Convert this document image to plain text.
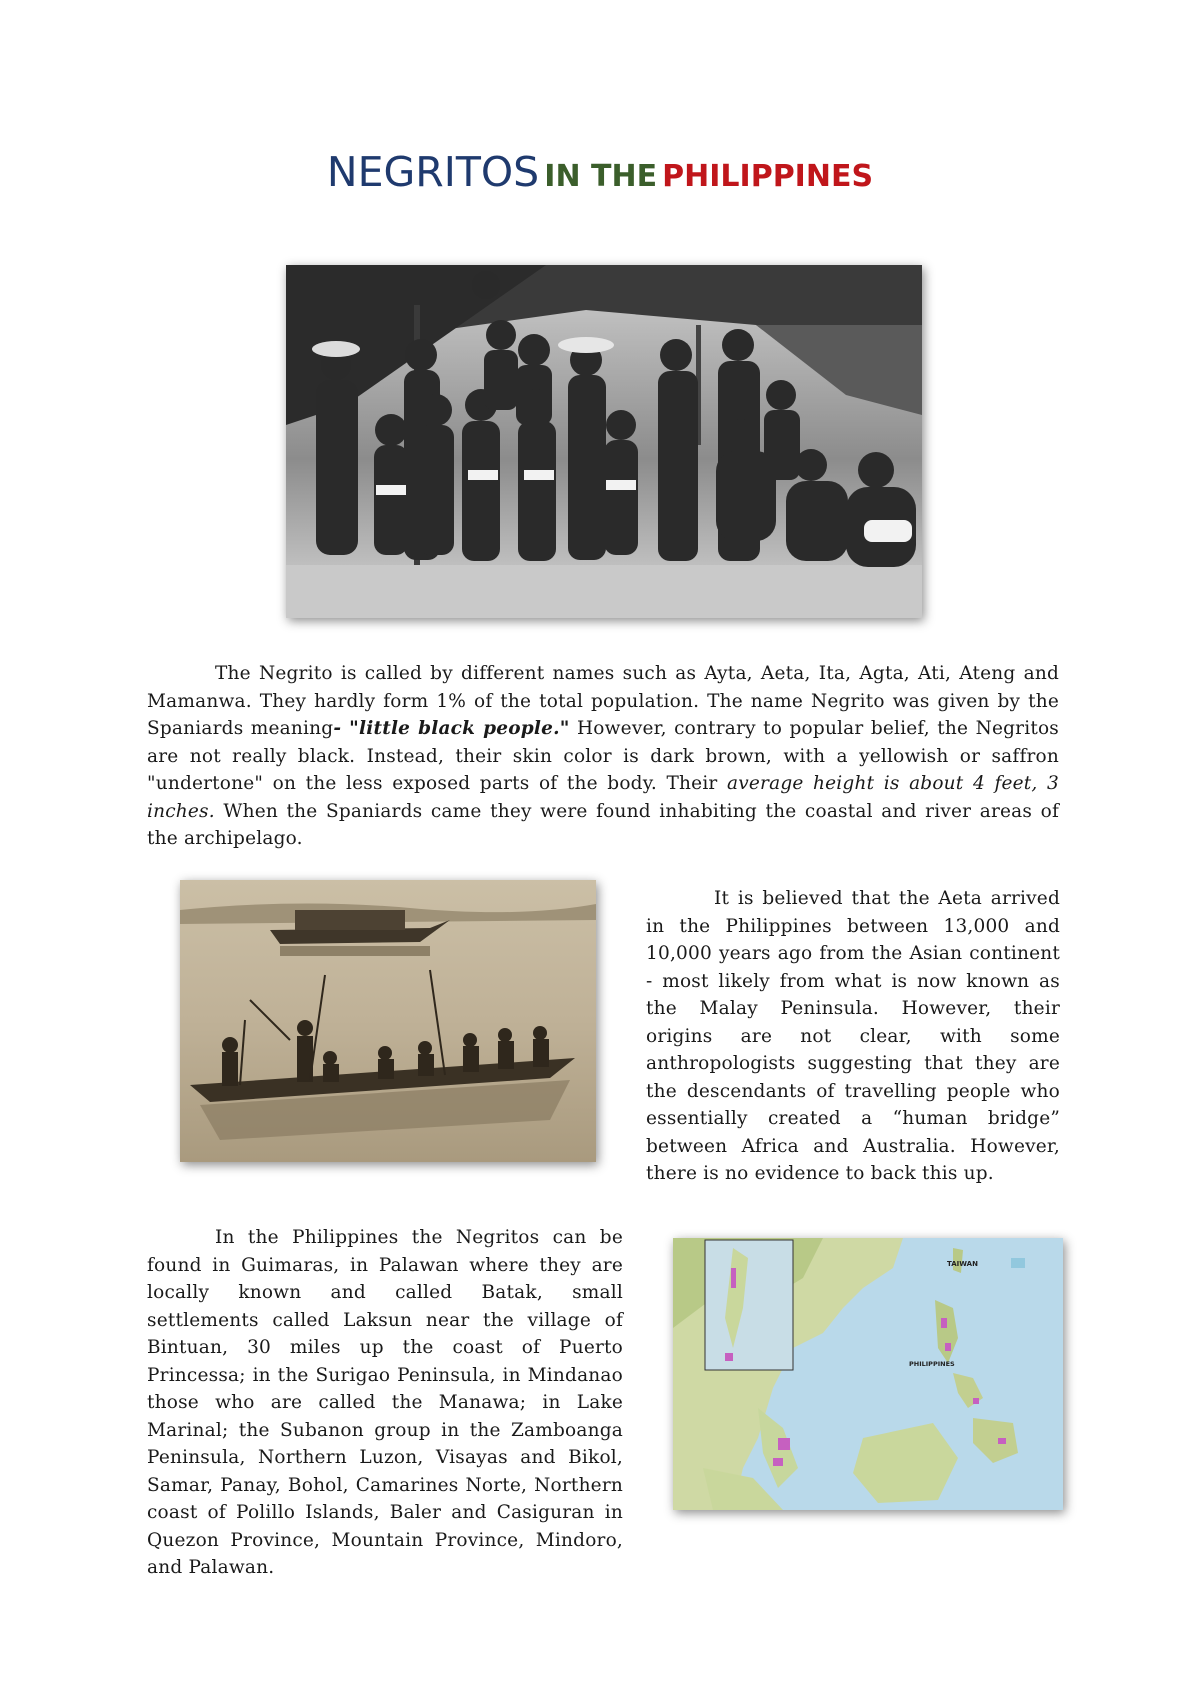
NEGRITOS IN THE PHILIPPINES

The Negrito is called by different names such as Ayta, Aeta, Ita, Agta, Ati, Ateng and Mamanwa. They hardly form 1% of the total population. The name Negrito was given by the Spaniards meaning- "little black people." However, contrary to popular belief, the Negritos are not really black. Instead, their skin color is dark brown, with a yellowish or saffron "undertone" on the less exposed parts of the body. Their average height is about 4 feet, 3 inches. When the Spaniards came they were found inhabiting the coastal and river areas of the archipelago.

It is believed that the Aeta arrived in the Philippines between 13,000 and 10,000 years ago from the Asian continent - most likely from what is now known as the Malay Peninsula. However, their origins are not clear, with some anthropologists suggesting that they are the descendants of travelling people who essentially created a “human bridge” between Africa and Australia. However, there is no evidence to back this up.

In the Philippines the Negritos can be found in Guimaras, in Palawan where they are locally known and called Batak, small settlements called Laksun near the village of Bintuan, 30 miles up the coast of Puerto Princessa; in the Surigao Peninsula, in Mindanao those who are called the Manawa; in Lake Marinal; the Subanon group in the Zamboanga Peninsula, Northern Luzon, Visayas and Bikol, Samar, Panay, Bohol, Camarines Norte, Northern coast of Polillo Islands, Baler and Casiguran in Quezon Province, Mountain Province, Mindoro, and Palawan.

TAIWAN
PHILIPPINES
